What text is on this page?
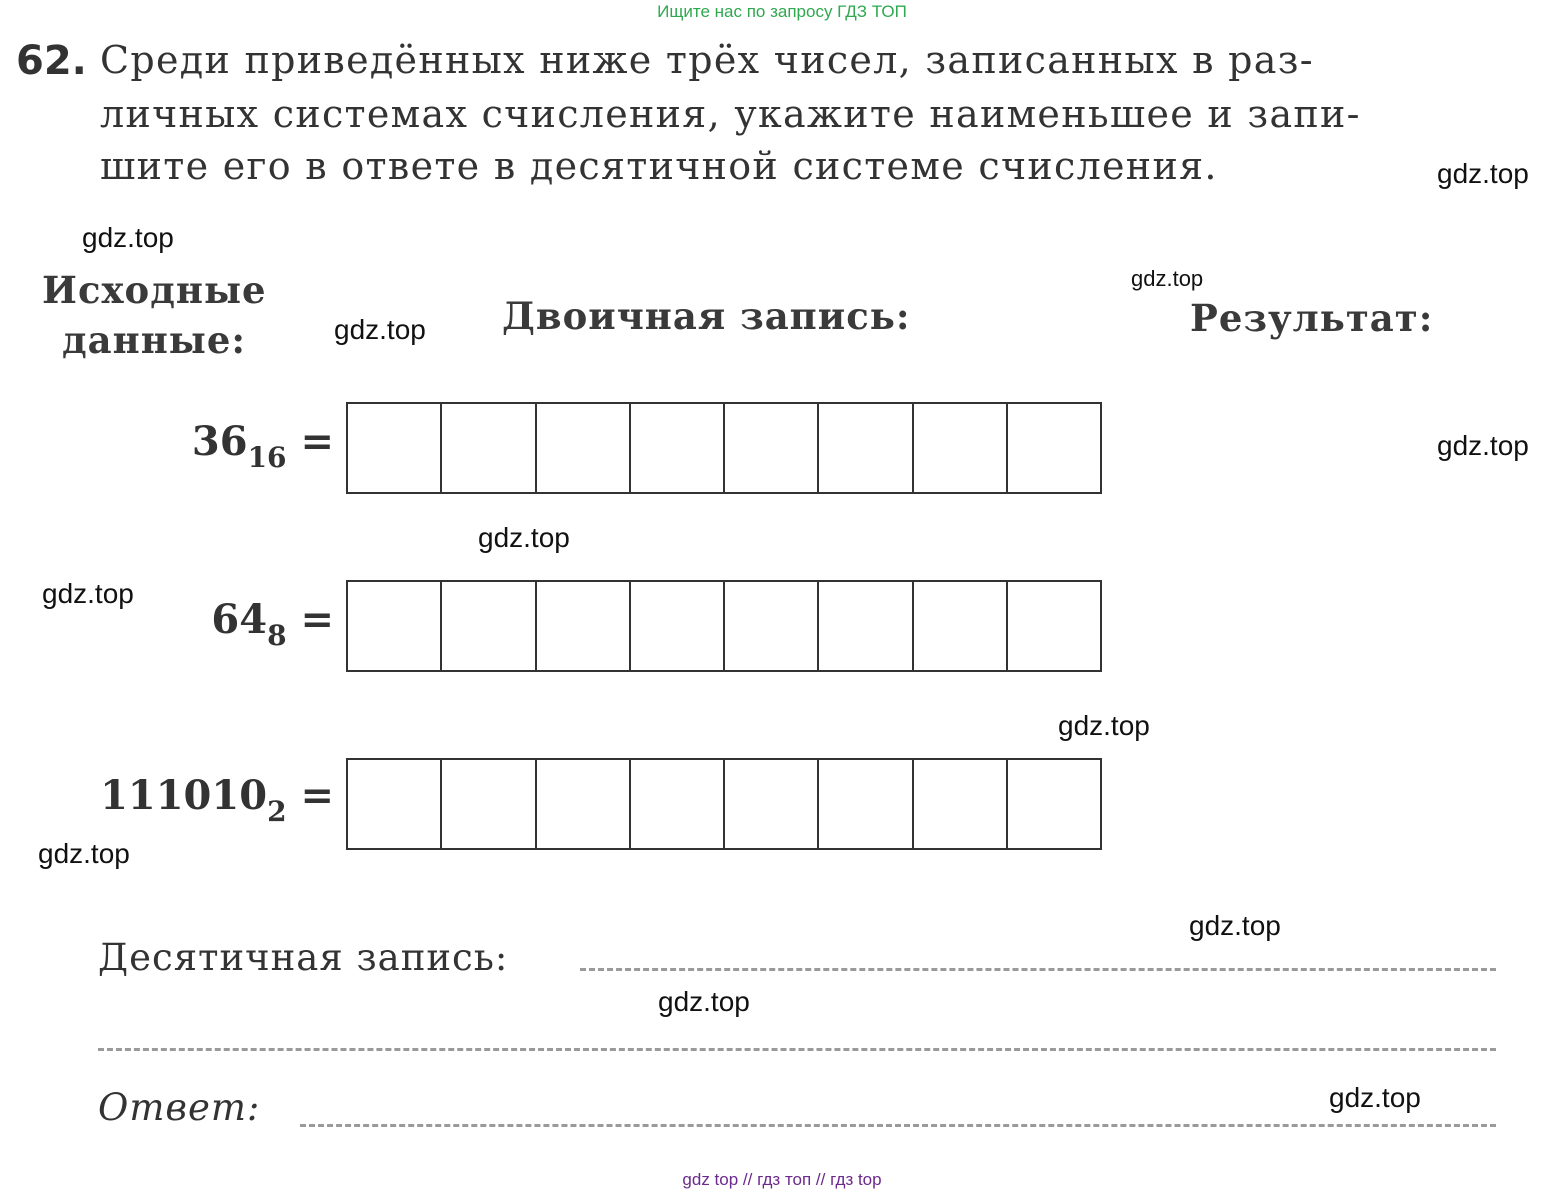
Ищите нас по запросу ГДЗ ТОП
62. Среди приведённых ниже трёх чисел, записанных в раз-
личных системах счисления, укажите наименьшее и запи-
шите его в ответе в десятичной системе счисления.
Исходные
данные:
Двоичная запись:	Результат:
$36_{16}$ =
$64_8$ =
$111010_2$ =
Десятичная запись:
Ответ:
gdz.top
gdz.top
gdz.top
gdz.top
gdz.top
gdz.top
gdz.top
gdz.top
gdz.top
gdz.top
gdz.top
gdz.top
gdz top // гдз топ // гдз top
